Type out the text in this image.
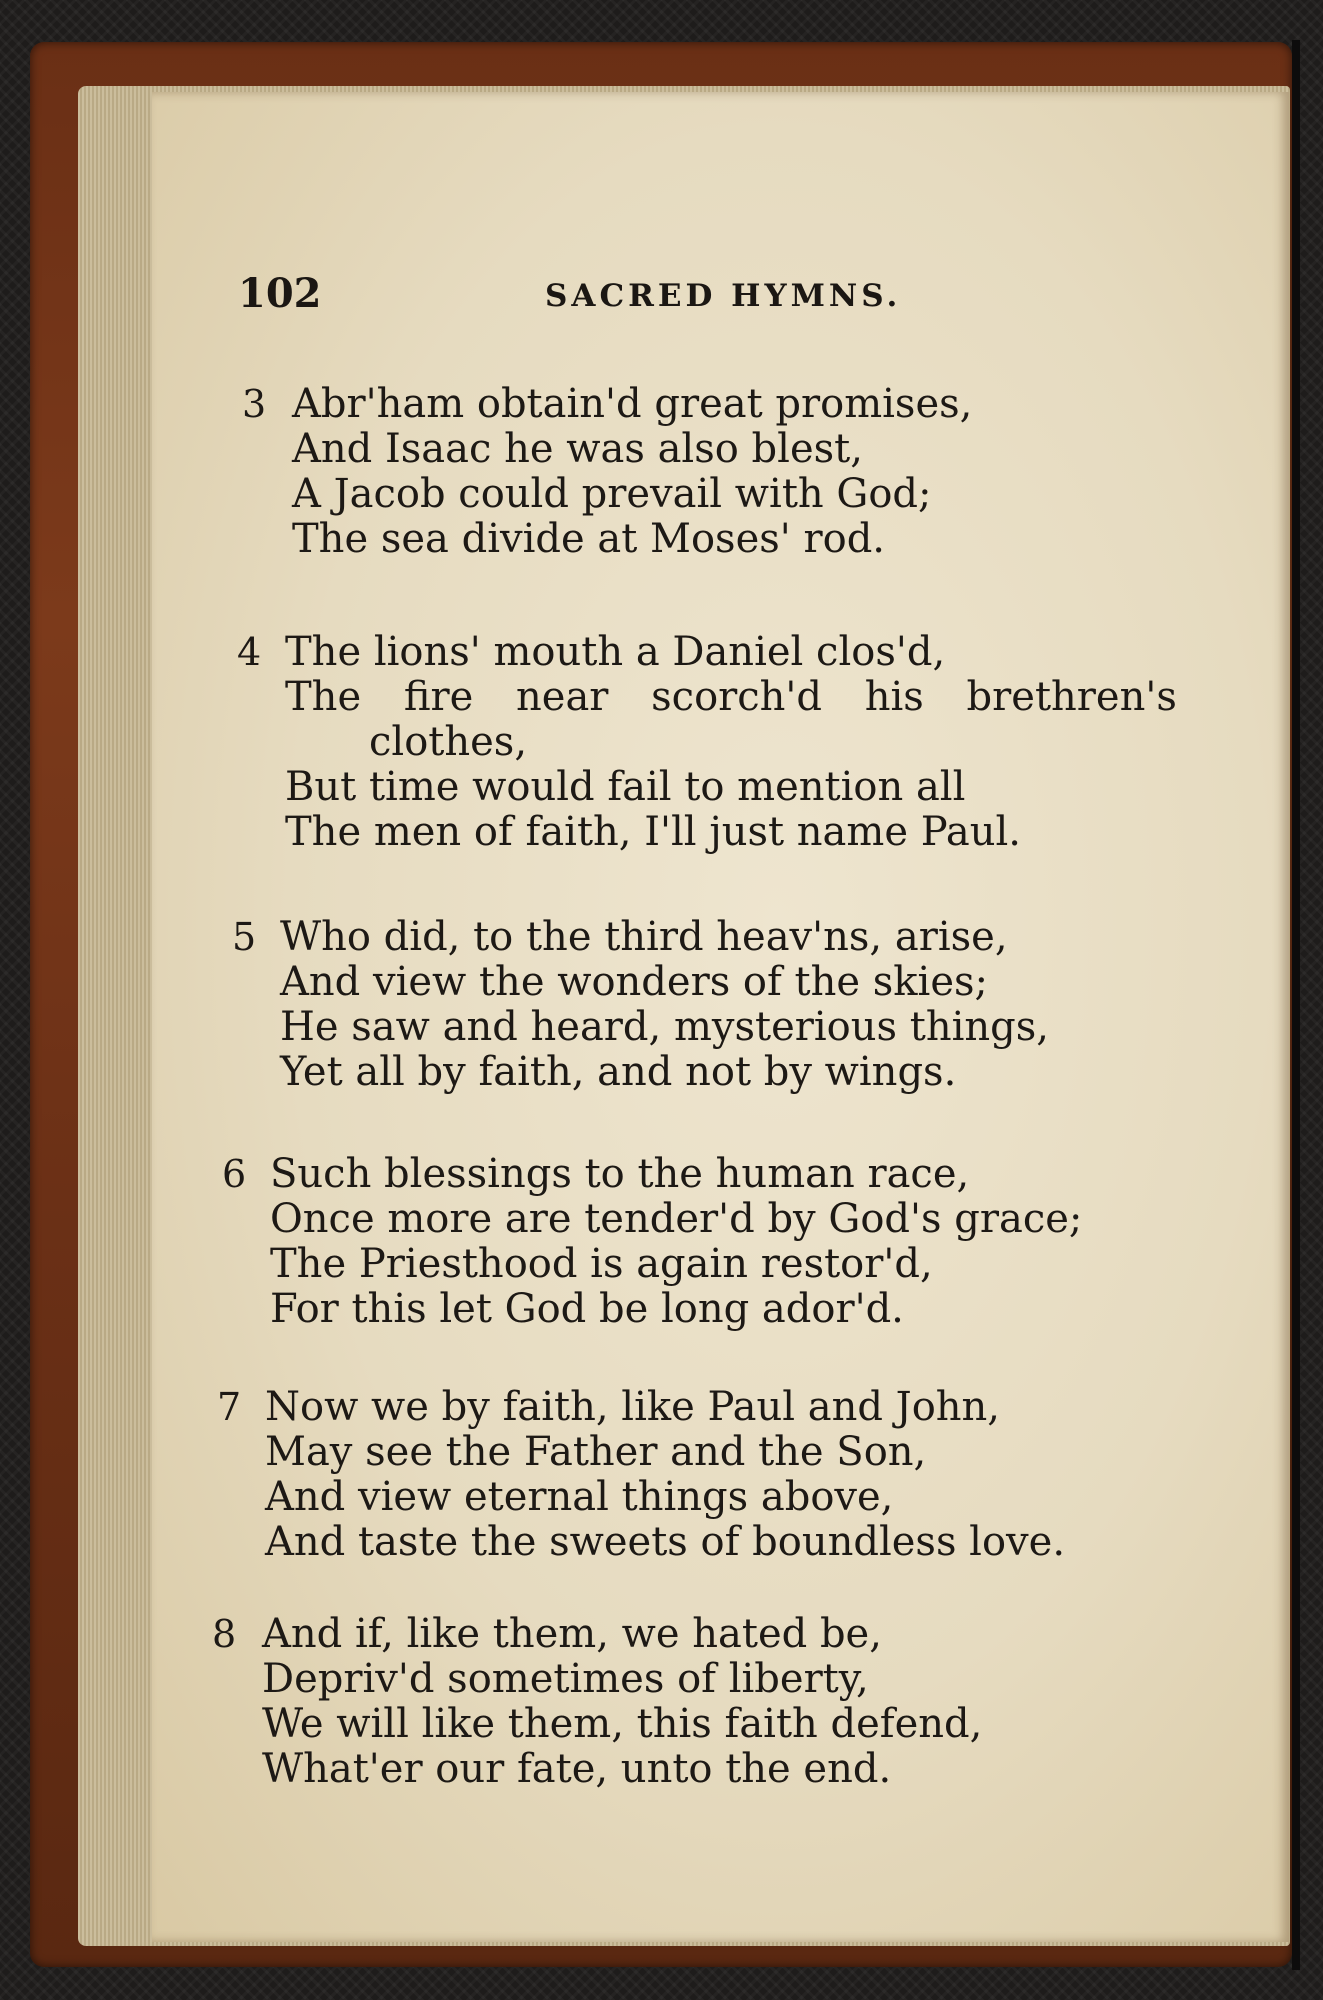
102	SACRED HYMNS.
3 Abr'ham obtain'd great promises,
And Isaac he was also blest,
A Jacob could prevail with God;
The sea divide at Moses' rod.
4 The lions' mouth a Daniel clos'd,
The fire near scorch'd his brethren's
clothes,
But time would fail to mention all
The men of faith, I'll just name Paul.
5 Who did, to the third heav'ns, arise,
And view the wonders of the skies;
He saw and heard, mysterious things,
Yet all by faith, and not by wings.
6 Such blessings to the human race,
Once more are tender'd by God's grace;
The Priesthood is again restor'd,
For this let God be long ador'd.
7 Now we by faith, like Paul and John,
May see the Father and the Son,
And view eternal things above,
And taste the sweets of boundless love.
8 And if, like them, we hated be,
Depriv'd sometimes of liberty,
We will like them, this faith defend,
What'er our fate, unto the end.
